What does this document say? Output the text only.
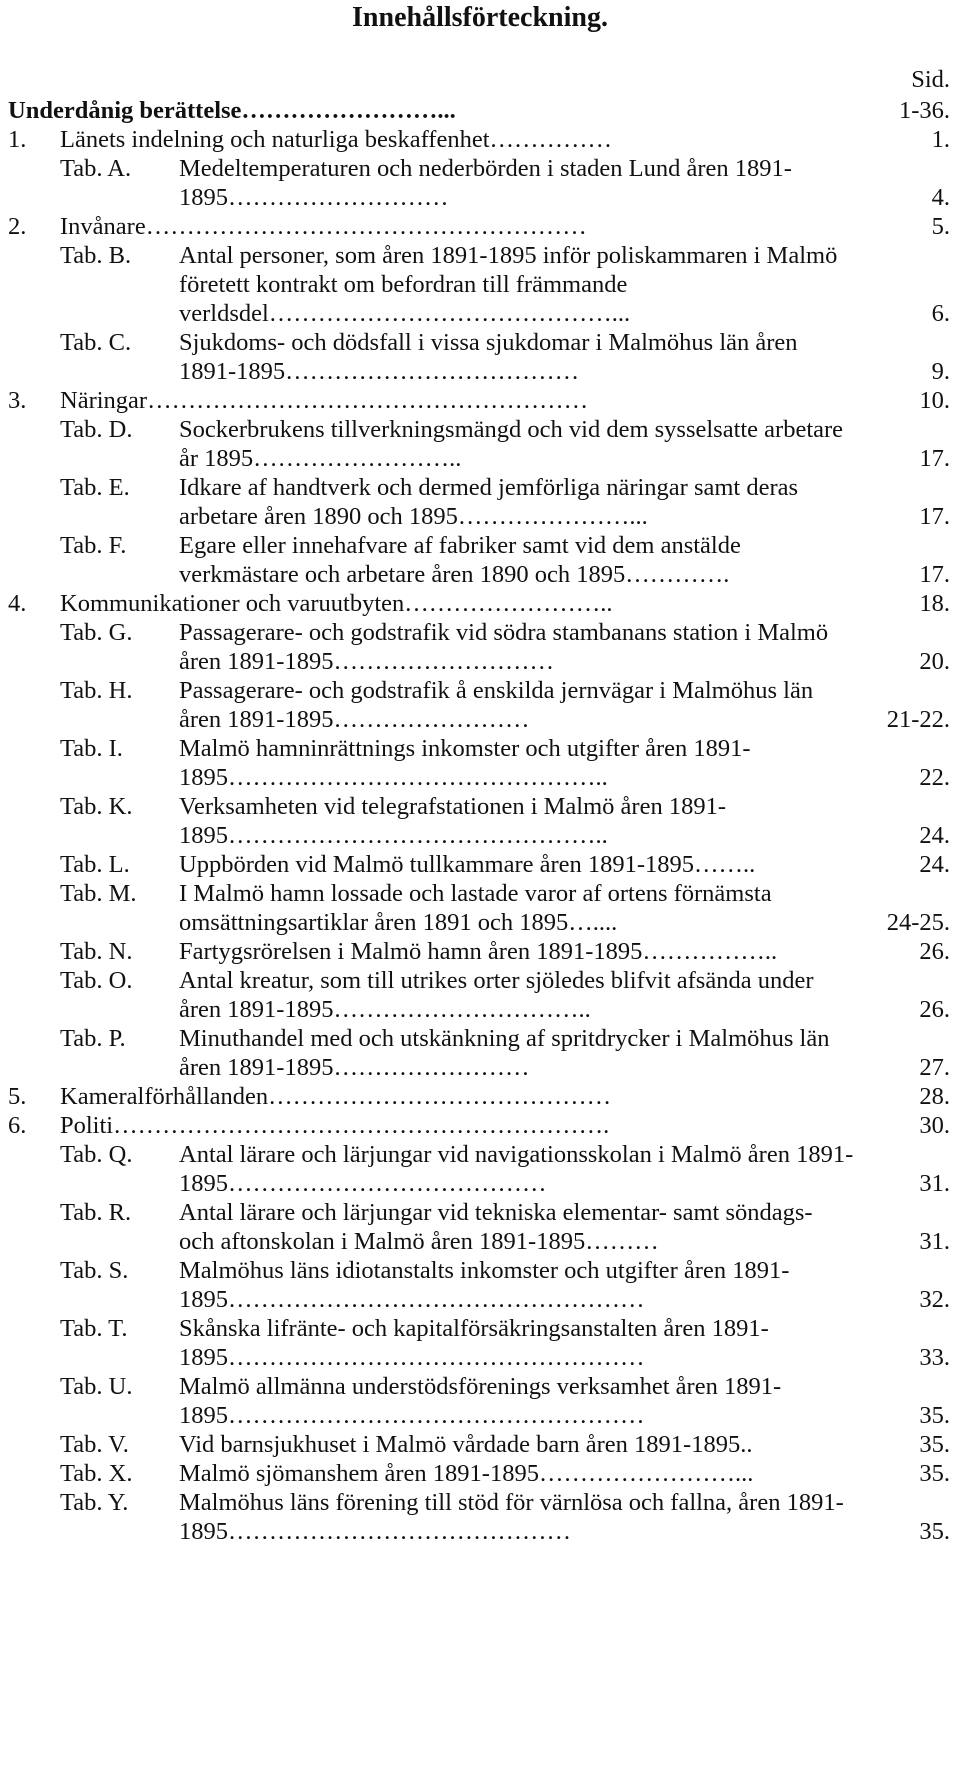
Innehållsförteckning.
Sid.
Underdånig berättelse……………………...	1-36.
1. Länets indelning och naturliga beskaffenhet……………	1.
Tab. A. Medeltemperaturen och nederbörden i staden Lund åren 1891-1895………………………	4.
2. Invånare………………………………………………	5.
Tab. B. Antal personer, som åren 1891-1895 inför poliskammaren i Malmö företett kontrakt om befordran till främmande verldsdel……………………………………...	6.
Tab. C. Sjukdoms- och dödsfall i vissa sjukdomar i Malmöhus län åren 1891-1895………………………………	9.
3. Näringar………………………………………………	10.
Tab. D. Sockerbrukens tillverkningsmängd och vid dem sysselsatte arbetare år 1895……………………..	17.
Tab. E. Idkare af handtverk och dermed jemförliga näringar samt deras arbetare åren 1890 och 1895…………………...	17.
Tab. F. Egare eller innehafvare af fabriker samt vid dem anstälde verkmästare och arbetare åren 1890 och 1895………….	17.
4. Kommunikationer och varuutbyten……………………..	18.
Tab. G. Passagerare- och godstrafik vid södra stambanans station i Malmö åren 1891-1895………………………	20.
Tab. H. Passagerare- och godstrafik å enskilda jernvägar i Malmöhus län åren 1891-1895……………………	21-22.
Tab. I. Malmö hamninrättnings inkomster och utgifter åren 1891-1895………………………………………..	22.
Tab. K. Verksamheten vid telegrafstationen i Malmö åren 1891-1895………………………………………..	24.
Tab. L. Uppbörden vid Malmö tullkammare åren 1891-1895……..	24.
Tab. M. I Malmö hamn lossade och lastade varor af ortens förnämsta omsättningsartiklar åren 1891 och 1895…....	24-25.
Tab. N. Fartygsrörelsen i Malmö hamn åren 1891-1895……………..	26.
Tab. O. Antal kreatur, som till utrikes orter sjöledes blifvit afsända under åren 1891-1895…………………………..	26.
Tab. P. Minuthandel med och utskänkning af spritdrycker i Malmöhus län åren 1891-1895……………………	27.
5. Kameralförhållanden……………………………………	28.
6. Politi…………………………………………………….	30.
Tab. Q. Antal lärare och lärjungar vid navigationsskolan i Malmö åren 1891-1895…………………………………	31.
Tab. R. Antal lärare och lärjungar vid tekniska elementar- samt söndags- och aftonskolan i Malmö åren 1891-1895………	31.
Tab. S. Malmöhus läns idiotanstalts inkomster och utgifter åren 1891-1895……………………………………………	32.
Tab. T. Skånska lifränte- och kapitalförsäkringsanstalten åren 1891-1895……………………………………………	33.
Tab. U. Malmö allmänna understödsförenings verksamhet åren 1891-1895……………………………………………	35.
Tab. V. Vid barnsjukhuset i Malmö vårdade barn åren 1891-1895..	35.
Tab. X. Malmö sjömanshem åren 1891-1895……………………...	35.
Tab. Y. Malmöhus läns förening till stöd för värnlösa och fallna, åren 1891-1895……………………………………	35.
